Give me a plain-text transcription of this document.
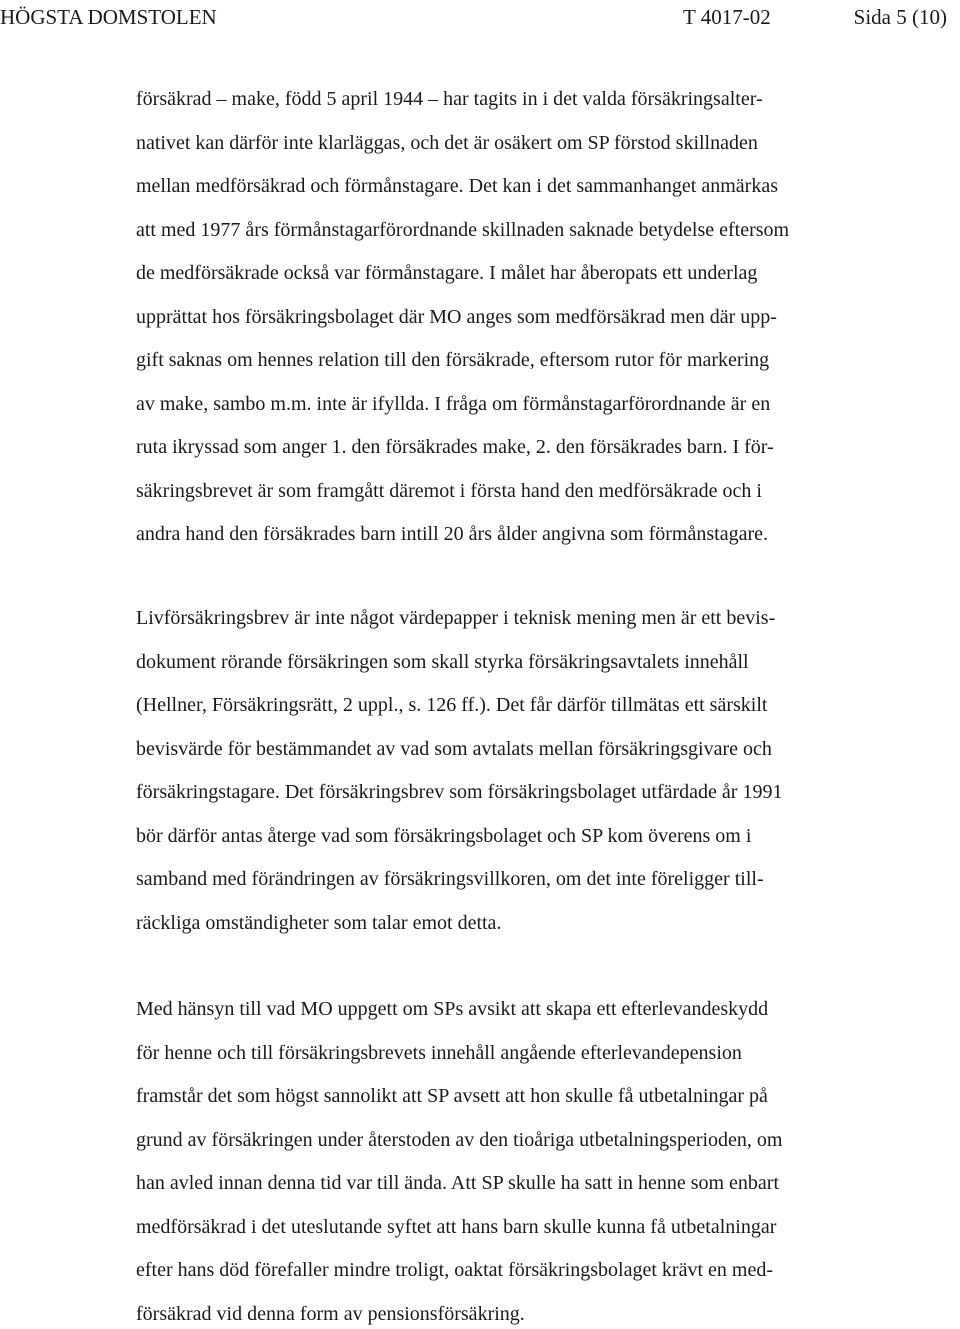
HÖGSTA DOMSTOLEN	T 4017-02	Sida 5 (10)
försäkrad – make, född 5 april 1944 – har tagits in i det valda försäkringsalter-
nativet kan därför inte klarläggas, och det är osäkert om SP förstod skillnaden
mellan medförsäkrad och förmånstagare. Det kan i det sammanhanget anmärkas
att med 1977 års förmånstagarförordnande skillnaden saknade betydelse eftersom
de medförsäkrade också var förmånstagare. I målet har åberopats ett underlag
upprättat hos försäkringsbolaget där MO anges som medförsäkrad men där upp-
gift saknas om hennes relation till den försäkrade, eftersom rutor för markering
av make, sambo m.m. inte är ifyllda. I fråga om förmånstagarförordnande är en
ruta ikryssad som anger 1. den försäkrades make, 2. den försäkrades barn. I för-
säkringsbrevet är som framgått däremot i första hand den medförsäkrade och i
andra hand den försäkrades barn intill 20 års ålder angivna som förmånstagare.
Livförsäkringsbrev är inte något värdepapper i teknisk mening men är ett bevis-
dokument rörande försäkringen som skall styrka försäkringsavtalets innehåll
(Hellner, Försäkringsrätt, 2 uppl., s. 126 ff.). Det får därför tillmätas ett särskilt
bevisvärde för bestämmandet av vad som avtalats mellan försäkringsgivare och
försäkringstagare. Det försäkringsbrev som försäkringsbolaget utfärdade år 1991
bör därför antas återge vad som försäkringsbolaget och SP kom överens om i
samband med förändringen av försäkringsvillkoren, om det inte föreligger till-
räckliga omständigheter som talar emot detta.
Med hänsyn till vad MO uppgett om SPs avsikt att skapa ett efterlevandeskydd
för henne och till försäkringsbrevets innehåll angående efterlevandepension
framstår det som högst sannolikt att SP avsett att hon skulle få utbetalningar på
grund av försäkringen under återstoden av den tioåriga utbetalningsperioden, om
han avled innan denna tid var till ända. Att SP skulle ha satt in henne som enbart
medförsäkrad i det uteslutande syftet att hans barn skulle kunna få utbetalningar
efter hans död förefaller mindre troligt, oaktat försäkringsbolaget krävt en med-
försäkrad vid denna form av pensionsförsäkring.
